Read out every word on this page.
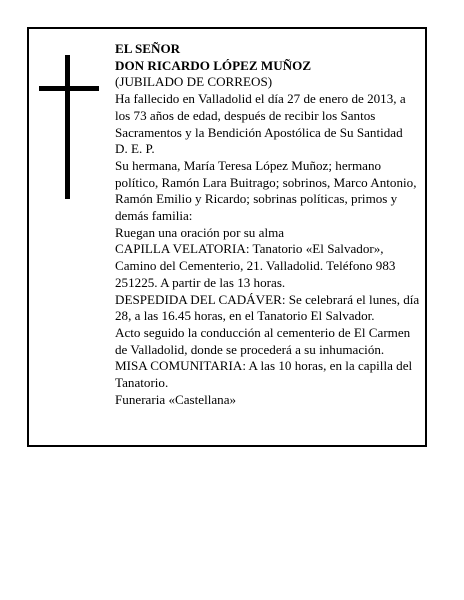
EL SEÑOR

DON RICARDO LÓPEZ MUÑOZ

(JUBILADO DE CORREOS)

Ha fallecido en Valladolid el día 27 de enero de 2013, a los 73 años de edad, después de recibir los Santos Sacramentos y la Bendición Apostólica de Su Santidad

D. E. P.

Su hermana, María Teresa López Muñoz; hermano político, Ramón Lara Buitrago; sobrinos, Marco Antonio, Ramón Emilio y Ricardo; sobrinas políticas, primos y demás familia:

Ruegan una oración por su alma

CAPILLA VELATORIA: Tanatorio «El Salvador», Camino del Cementerio, 21. Valladolid. Teléfono 983 251225. A partir de las 13 horas.

DESPEDIDA DEL CADÁVER: Se celebrará el lunes, día 28, a las 16.45 horas, en el Tanatorio El Salvador.

Acto seguido la conducción al cementerio de El Carmen de Valladolid, donde se procederá a su inhumación.

MISA COMUNITARIA: A las 10 horas, en la capilla del Tanatorio.

Funeraria «Castellana»
